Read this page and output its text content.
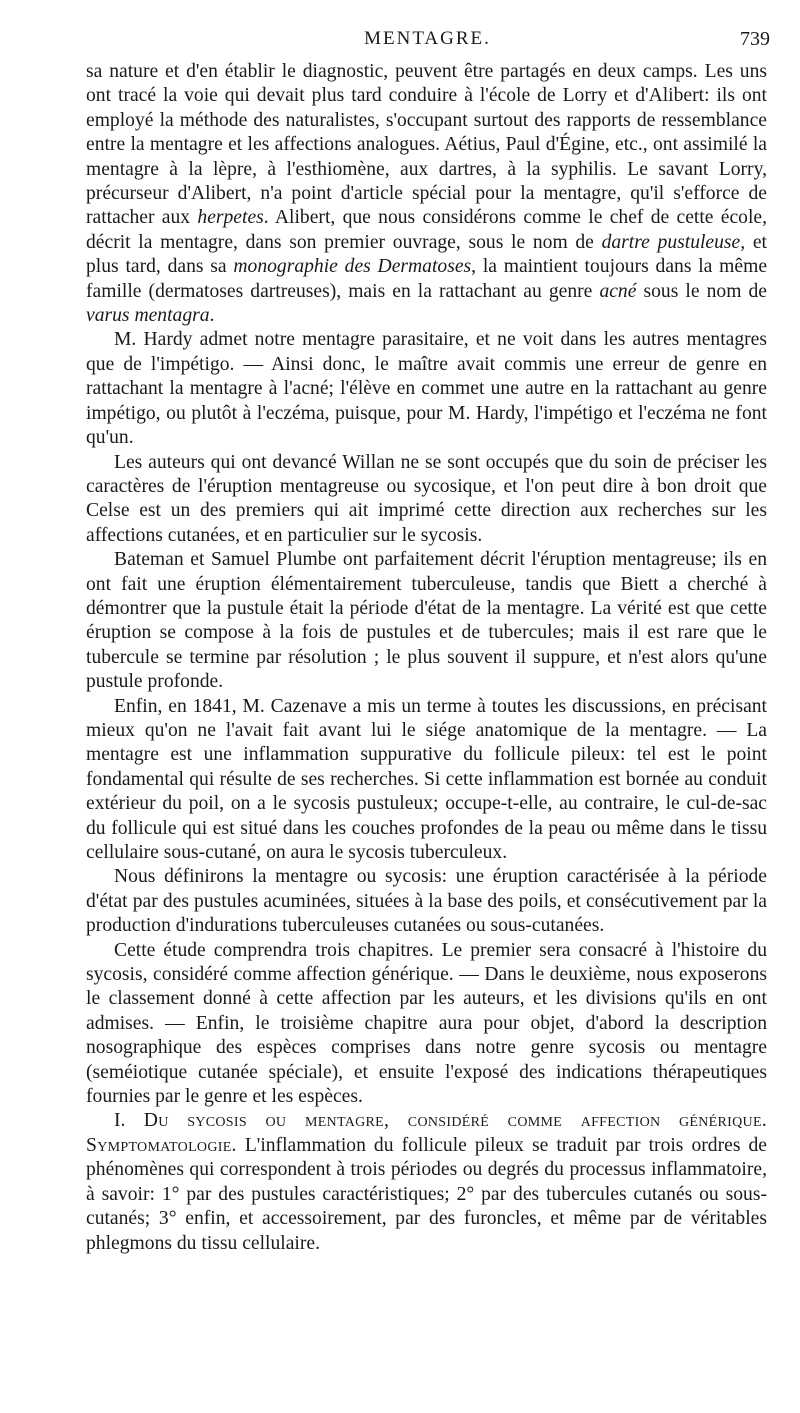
MENTAGRE.	739

sa nature et d'en établir le diagnostic, peuvent être partagés en deux camps. Les uns ont tracé la voie qui devait plus tard conduire à l'école de Lorry et d'Alibert: ils ont employé la méthode des naturalistes, s'occupant surtout des rapports de ressemblance entre la mentagre et les affections analogues. Aétius, Paul d'Égine, etc., ont assimilé la mentagre à la lèpre, à l'esthiomène, aux dartres, à la syphilis. Le savant Lorry, précurseur d'Alibert, n'a point d'article spécial pour la mentagre, qu'il s'efforce de rattacher aux herpetes. Alibert, que nous considérons comme le chef de cette école, décrit la mentagre, dans son premier ouvrage, sous le nom de dartre pustuleuse, et plus tard, dans sa monographie des Dermatoses, la maintient toujours dans la même famille (dermatoses dartreuses), mais en la rattachant au genre acné sous le nom de varus mentagra.

M. Hardy admet notre mentagre parasitaire, et ne voit dans les autres mentagres que de l'impétigo. — Ainsi donc, le maître avait commis une erreur de genre en rattachant la mentagre à l'acné; l'élève en commet une autre en la rattachant au genre impétigo, ou plutôt à l'eczéma, puisque, pour M. Hardy, l'impétigo et l'eczéma ne font qu'un.

Les auteurs qui ont devancé Willan ne se sont occupés que du soin de préciser les caractères de l'éruption mentagreuse ou sycosique, et l'on peut dire à bon droit que Celse est un des premiers qui ait imprimé cette direction aux recherches sur les affections cutanées, et en particulier sur le sycosis.

Bateman et Samuel Plumbe ont parfaitement décrit l'éruption mentagreuse; ils en ont fait une éruption élémentairement tuberculeuse, tandis que Biett a cherché à démontrer que la pustule était la période d'état de la mentagre. La vérité est que cette éruption se compose à la fois de pustules et de tubercules; mais il est rare que le tubercule se termine par résolution ; le plus souvent il suppure, et n'est alors qu'une pustule profonde.

Enfin, en 1841, M. Cazenave a mis un terme à toutes les discussions, en précisant mieux qu'on ne l'avait fait avant lui le siége anatomique de la mentagre. — La mentagre est une inflammation suppurative du follicule pileux: tel est le point fondamental qui résulte de ses recherches. Si cette inflammation est bornée au conduit extérieur du poil, on a le sycosis pustuleux; occupe-t-elle, au contraire, le cul-de-sac du follicule qui est situé dans les couches profondes de la peau ou même dans le tissu cellulaire sous-cutané, on aura le sycosis tuberculeux.

Nous définirons la mentagre ou sycosis: une éruption caractérisée à la période d'état par des pustules acuminées, situées à la base des poils, et consécutivement par la production d'indurations tuberculeuses cutanées ou sous-cutanées.

Cette étude comprendra trois chapitres. Le premier sera consacré à l'histoire du sycosis, considéré comme affection générique. — Dans le deuxième, nous exposerons le classement donné à cette affection par les auteurs, et les divisions qu'ils en ont admises. — Enfin, le troisième chapitre aura pour objet, d'abord la description nosographique des espèces comprises dans notre genre sycosis ou mentagre (seméiotique cutanée spéciale), et ensuite l'exposé des indications thérapeutiques fournies par le genre et les espèces.

I. Du sycosis ou mentagre, considéré comme affection générique. Symptomatologie. L'inflammation du follicule pileux se traduit par trois ordres de phénomènes qui correspondent à trois périodes ou degrés du processus inflammatoire, à savoir: 1° par des pustules caractéristiques; 2° par des tubercules cutanés ou sous-cutanés; 3° enfin, et accessoirement, par des furoncles, et même par de véritables phlegmons du tissu cellulaire.
